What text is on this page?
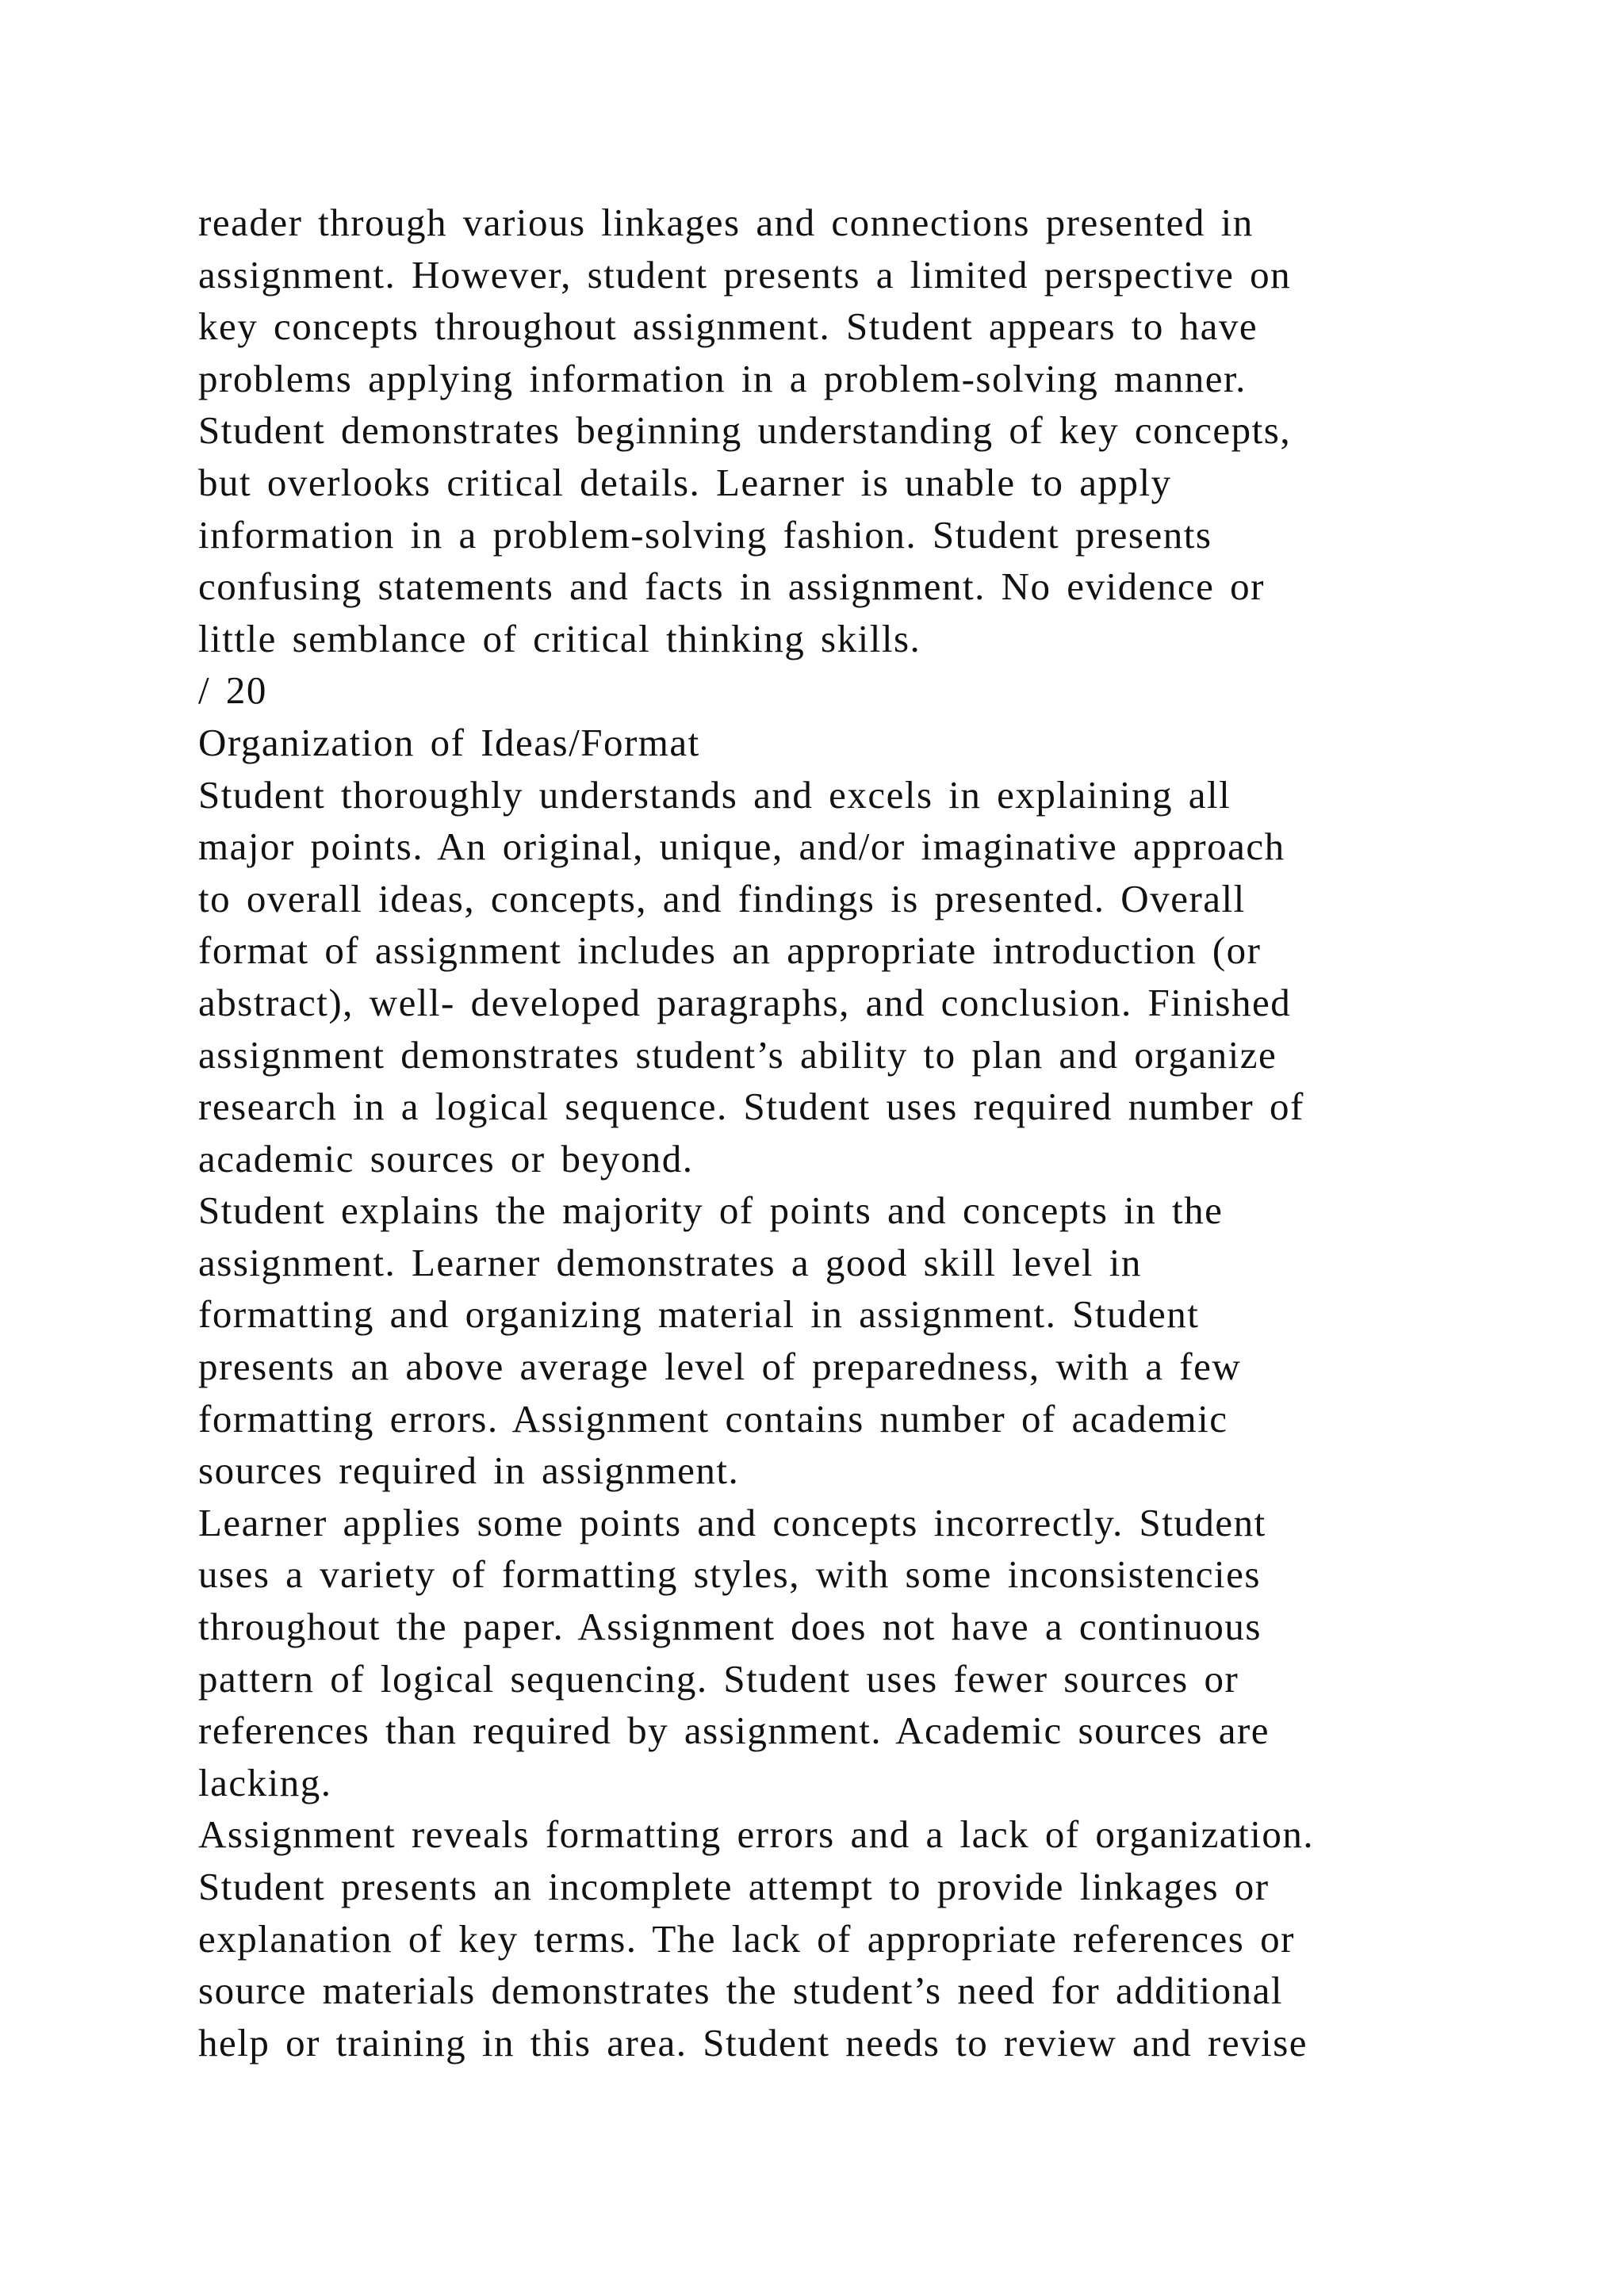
reader through various linkages and connections presented in
assignment. However, student presents a limited perspective on
key concepts throughout assignment. Student appears to have
problems applying information in a problem-solving manner.
Student demonstrates beginning understanding of key concepts,
but overlooks critical details. Learner is unable to apply
information in a problem-solving fashion. Student presents
confusing statements and facts in assignment. No evidence or
little semblance of critical thinking skills.
/ 20
Organization of Ideas/Format
Student thoroughly understands and excels in explaining all
major points. An original, unique, and/or imaginative approach
to overall ideas, concepts, and findings is presented. Overall
format of assignment includes an appropriate introduction (or
abstract), well- developed paragraphs, and conclusion. Finished
assignment demonstrates student’s ability to plan and organize
research in a logical sequence. Student uses required number of
academic sources or beyond.
Student explains the majority of points and concepts in the
assignment. Learner demonstrates a good skill level in
formatting and organizing material in assignment. Student
presents an above average level of preparedness, with a few
formatting errors. Assignment contains number of academic
sources required in assignment.
Learner applies some points and concepts incorrectly. Student
uses a variety of formatting styles, with some inconsistencies
throughout the paper. Assignment does not have a continuous
pattern of logical sequencing. Student uses fewer sources or
references than required by assignment. Academic sources are
lacking.
Assignment reveals formatting errors and a lack of organization.
Student presents an incomplete attempt to provide linkages or
explanation of key terms. The lack of appropriate references or
source materials demonstrates the student’s need for additional
help or training in this area. Student needs to review and revise
